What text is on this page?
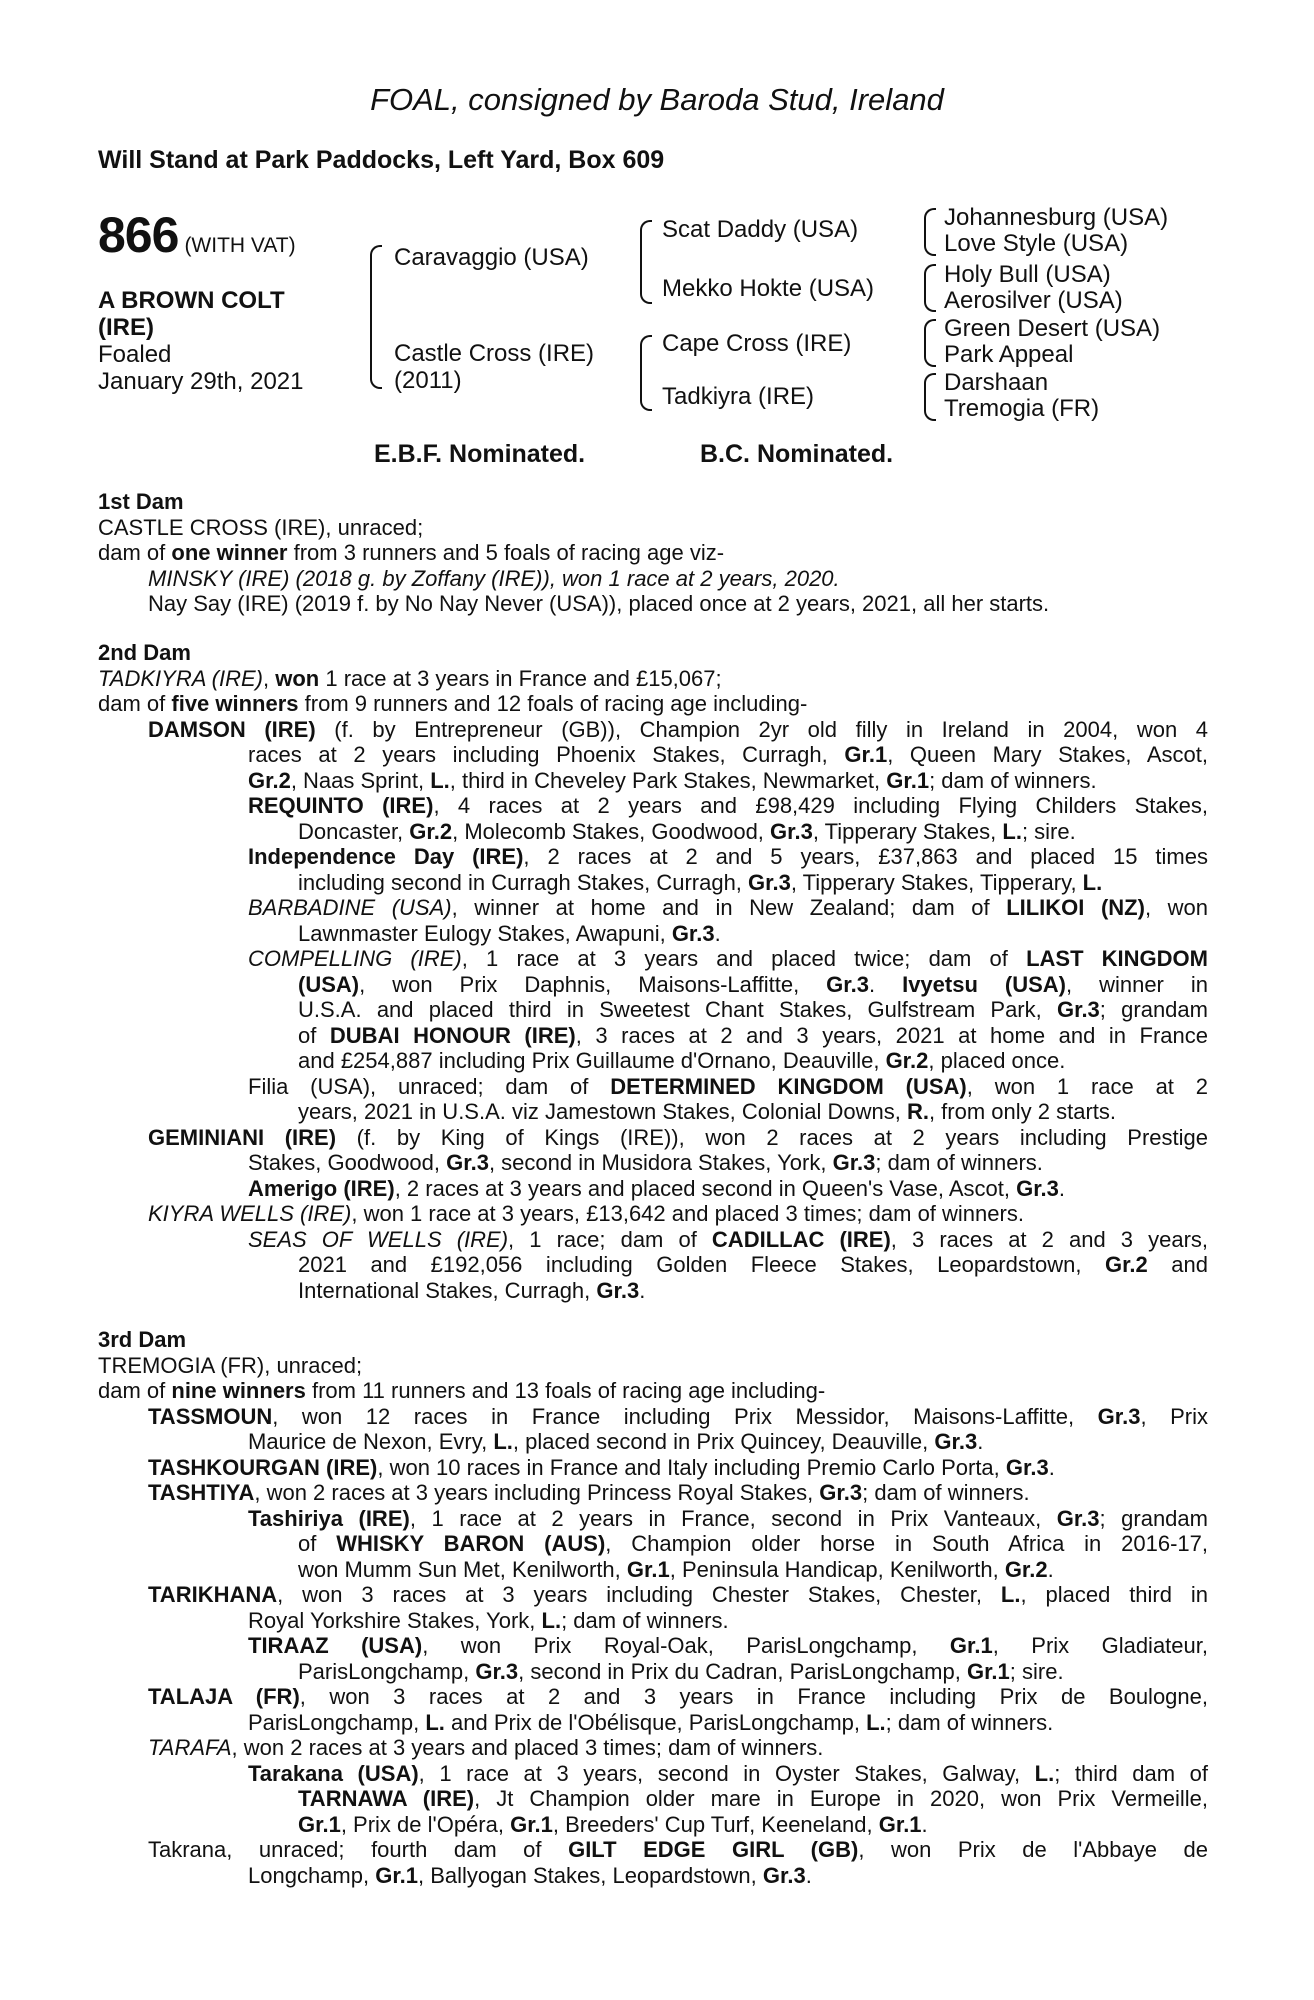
FOAL, consigned by Baroda Stud, Ireland
Will Stand at Park Paddocks, Left Yard, Box 609
866 (WITH VAT)
A BROWN COLT
(IRE)
Foaled
January 29th, 2021
Caravaggio (USA)
Castle Cross (IRE)
(2011)
Scat Daddy (USA)
Mekko Hokte (USA)
Cape Cross (IRE)
Tadkiyra (IRE)
Johannesburg (USA)
Love Style (USA)
Holy Bull (USA)
Aerosilver (USA)
Green Desert (USA)
Park Appeal
Darshaan
Tremogia (FR)
E.B.F. Nominated.	B.C. Nominated.
1st Dam
CASTLE CROSS (IRE), unraced;
dam of one winner from 3 runners and 5 foals of racing age viz-
MINSKY (IRE) (2018 g. by Zoffany (IRE)), won 1 race at 2 years, 2020.
Nay Say (IRE) (2019 f. by No Nay Never (USA)), placed once at 2 years, 2021, all her starts.
2nd Dam
TADKIYRA (IRE), won 1 race at 3 years in France and £15,067;
dam of five winners from 9 runners and 12 foals of racing age including-
DAMSON (IRE) (f. by Entrepreneur (GB)), Champion 2yr old filly in Ireland in 2004, won 4
races at 2 years including Phoenix Stakes, Curragh, Gr.1, Queen Mary Stakes, Ascot,
Gr.2, Naas Sprint, L., third in Cheveley Park Stakes, Newmarket, Gr.1; dam of winners.
REQUINTO (IRE), 4 races at 2 years and £98,429 including Flying Childers Stakes,
Doncaster, Gr.2, Molecomb Stakes, Goodwood, Gr.3, Tipperary Stakes, L.; sire.
Independence Day (IRE), 2 races at 2 and 5 years, £37,863 and placed 15 times
including second in Curragh Stakes, Curragh, Gr.3, Tipperary Stakes, Tipperary, L.
BARBADINE (USA), winner at home and in New Zealand; dam of LILIKOI (NZ), won
Lawnmaster Eulogy Stakes, Awapuni, Gr.3.
COMPELLING (IRE), 1 race at 3 years and placed twice; dam of LAST KINGDOM
(USA), won Prix Daphnis, Maisons-Laffitte, Gr.3. Ivyetsu (USA), winner in
U.S.A. and placed third in Sweetest Chant Stakes, Gulfstream Park, Gr.3; grandam
of DUBAI HONOUR (IRE), 3 races at 2 and 3 years, 2021 at home and in France
and £254,887 including Prix Guillaume d'Ornano, Deauville, Gr.2, placed once.
Filia (USA), unraced; dam of DETERMINED KINGDOM (USA), won 1 race at 2
years, 2021 in U.S.A. viz Jamestown Stakes, Colonial Downs, R., from only 2 starts.
GEMINIANI (IRE) (f. by King of Kings (IRE)), won 2 races at 2 years including Prestige
Stakes, Goodwood, Gr.3, second in Musidora Stakes, York, Gr.3; dam of winners.
Amerigo (IRE), 2 races at 3 years and placed second in Queen's Vase, Ascot, Gr.3.
KIYRA WELLS (IRE), won 1 race at 3 years, £13,642 and placed 3 times; dam of winners.
SEAS OF WELLS (IRE), 1 race; dam of CADILLAC (IRE), 3 races at 2 and 3 years,
2021 and £192,056 including Golden Fleece Stakes, Leopardstown, Gr.2 and
International Stakes, Curragh, Gr.3.
3rd Dam
TREMOGIA (FR), unraced;
dam of nine winners from 11 runners and 13 foals of racing age including-
TASSMOUN, won 12 races in France including Prix Messidor, Maisons-Laffitte, Gr.3, Prix
Maurice de Nexon, Evry, L., placed second in Prix Quincey, Deauville, Gr.3.
TASHKOURGAN (IRE), won 10 races in France and Italy including Premio Carlo Porta, Gr.3.
TASHTIYA, won 2 races at 3 years including Princess Royal Stakes, Gr.3; dam of winners.
Tashiriya (IRE), 1 race at 2 years in France, second in Prix Vanteaux, Gr.3; grandam
of WHISKY BARON (AUS), Champion older horse in South Africa in 2016-17,
won Mumm Sun Met, Kenilworth, Gr.1, Peninsula Handicap, Kenilworth, Gr.2.
TARIKHANA, won 3 races at 3 years including Chester Stakes, Chester, L., placed third in
Royal Yorkshire Stakes, York, L.; dam of winners.
TIRAAZ (USA), won Prix Royal-Oak, ParisLongchamp, Gr.1, Prix Gladiateur,
ParisLongchamp, Gr.3, second in Prix du Cadran, ParisLongchamp, Gr.1; sire.
TALAJA (FR), won 3 races at 2 and 3 years in France including Prix de Boulogne,
ParisLongchamp, L. and Prix de l'Obélisque, ParisLongchamp, L.; dam of winners.
TARAFA, won 2 races at 3 years and placed 3 times; dam of winners.
Tarakana (USA), 1 race at 3 years, second in Oyster Stakes, Galway, L.; third dam of
TARNAWA (IRE), Jt Champion older mare in Europe in 2020, won Prix Vermeille,
Gr.1, Prix de l'Opéra, Gr.1, Breeders' Cup Turf, Keeneland, Gr.1.
Takrana, unraced; fourth dam of GILT EDGE GIRL (GB), won Prix de l'Abbaye de
Longchamp, Gr.1, Ballyogan Stakes, Leopardstown, Gr.3.
